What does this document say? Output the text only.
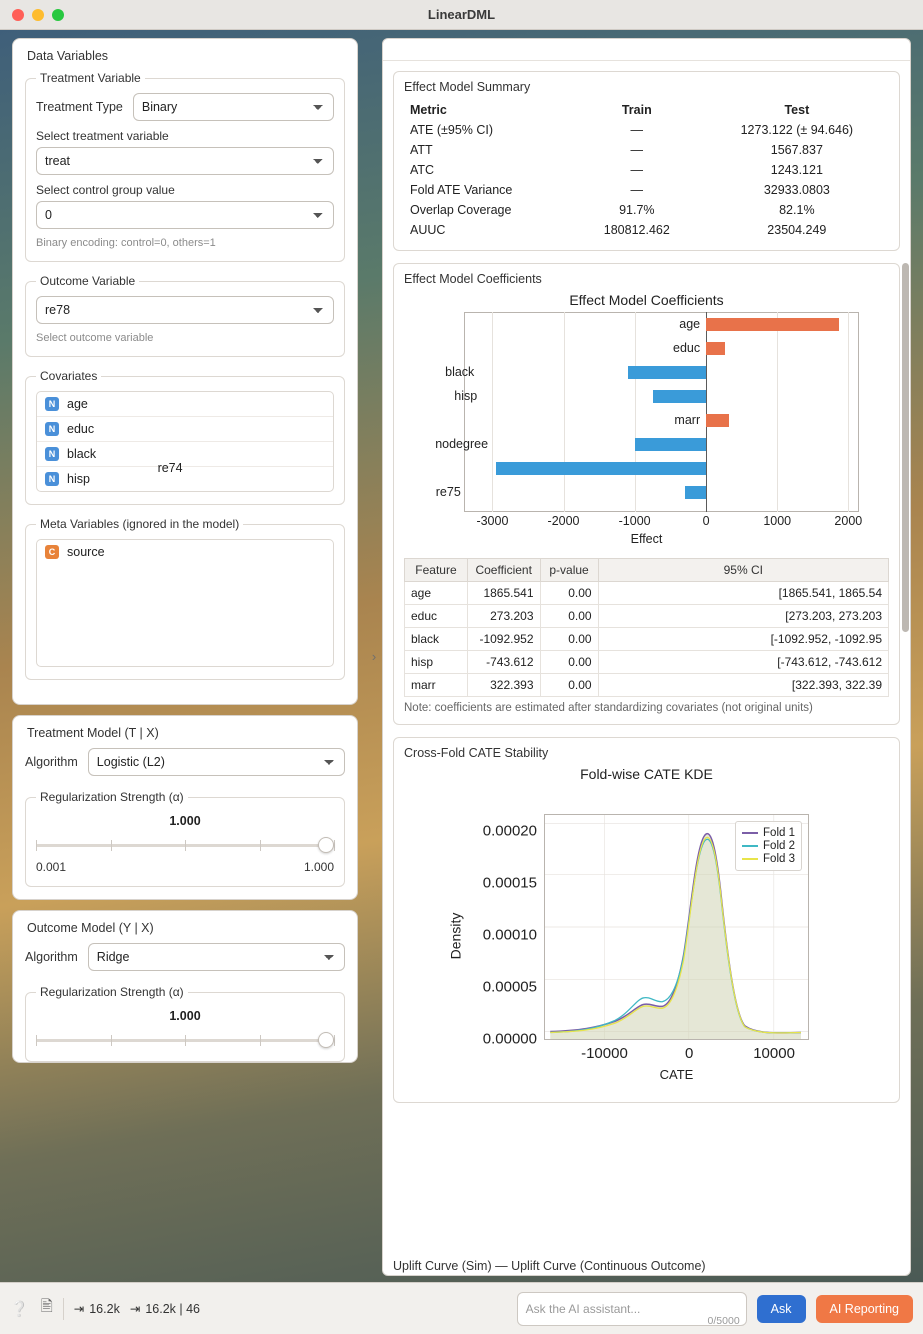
LinearDML
Data Variables
Treatment Variable
Treatment Type
Binary
Select treatment variable
treat
Select control group value
0
Binary encoding: control=0, others=1
Outcome Variable
re78
Select outcome variable
Covariates
N age
N educ
N black
N hisp
Meta Variables (ignored in the model)
C source
Treatment Model (T | X)
Algorithm
Logistic (L2)
Regularization Strength (α)
1.000
0.001	1.000
Outcome Model (Y | X)
Algorithm
Ridge
Regularization Strength (α)
1.000
›
Effect Model Summary
Metric	Train	Test
ATE (±95% CI)	—	1273.122 (± 94.646)
ATT	—	1567.837
ATC	—	1243.121
Fold ATE Variance	—	32933.0803
Overlap Coverage	91.7%	82.1%
AUUC	180812.462	23504.249
Effect Model Coefficients
Effect Model Coefficients
age
educ
black
hisp
marr
nodegree
re74
re75
-3000	-2000	-1000	0	1000	2000
Effect
Feature	Coefficient	p-value	95% CI
age	1865.541	0.00	[1865.541, 1865.54
educ	273.203	0.00	[273.203, 273.203
black	-1092.952	0.00	[-1092.952, -1092.95
hisp	-743.612	0.00	[-743.612, -743.612
marr	322.393	0.00	[322.393, 322.39
Note: coefficients are estimated after standardizing covariates (not original units)
Cross-Fold CATE Stability
Fold-wise CATE KDE
Density
0.00000
0.00005
0.00010
0.00015
0.00020
-10000	0	10000
Fold 1
Fold 2
Fold 3
CATE
Uplift Curve (Sim) — Uplift Curve (Continuous Outcome)
❔ 🖹 ⇥ 16.2k ⇥ 16.2k | 46	Ask the AI assistant...
0/5000
Ask	AI Reporting
